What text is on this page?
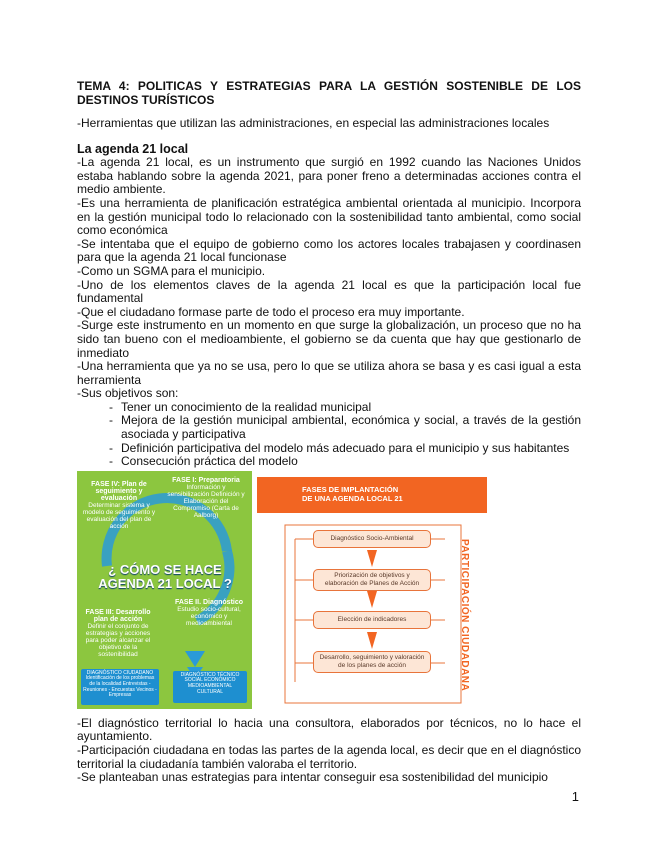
TEMA 4: POLITICAS Y ESTRATEGIAS PARA LA GESTIÓN SOSTENIBLE DE LOS DESTINOS TURÍSTICOS

-Herramientas que utilizan las administraciones, en especial las administraciones locales

La agenda 21 local

-La agenda 21 local, es un instrumento que surgió en 1992 cuando las Naciones Unidos estaba hablando sobre la agenda 2021, para poner freno a determinadas acciones contra el medio ambiente.

-Es una herramienta de planificación estratégica ambiental orientada al municipio. Incorpora en la gestión municipal todo lo relacionado con la sostenibilidad tanto ambiental, como social como económica

-Se intentaba que el equipo de gobierno como los actores locales trabajasen y coordinasen para que la agenda 21 local funcionase

-Como un SGMA para el municipio.

-Uno de los elementos claves de la agenda 21 local es que la participación local fue fundamental

-Que el ciudadano formase parte de todo el proceso era muy importante.

-Surge este instrumento en un momento en que surge la globalización, un proceso que no ha sido tan bueno con el medioambiente, el gobierno se da cuenta que hay que gestionarlo de inmediato

-Una herramienta que ya no se usa, pero lo que se utiliza ahora se basa y es casi igual a esta herramienta

-Sus objetivos son:

- Tener un conocimiento de la realidad municipal
- Mejora de la gestión municipal ambiental, económica y social, a través de la gestión asociada y participativa
- Definición participativa del modelo más adecuado para el municipio y sus habitantes
- Consecución práctica del modelo
FASE IV: Plan de seguimiento y evaluación
Determinar sistema y modelo de seguimiento y evaluación del plan de acción
FASE I: Preparatoria
Información y sensibilización Definición y Elaboración del Compromiso (Carta de Aalborg)
¿ CÓMO SE HACE AGENDA 21 LOCAL ?
FASE II. Diagnóstico
Estudio socio-cultural, económico y medioambiental
FASE III: Desarrollo plan de acción
Definir el conjunto de estrategias y acciones para poder alcanzar el objetivo de la sostenibilidad
DIAGNÓSTICO CIUDADANO Identificación de los problemas de la localidad Entrevistas - Reuniones - Encuestas Vecinos - Empresas
DIAGNÓSTICO TÉCNICO SOCIAL ECONÓMICO MEDIOAMBIENTAL CULTURAL
FASES DE IMPLANTACIÓN
DE UNA AGENDA LOCAL 21
Diagnóstico Socio-Ambiental
Priorización de objetivos y elaboración de Planes de Acción
Elección de indicadores
Desarrollo, seguimiento y valoración de los planes de acción	PARTICIPACIÓN CIUDADANA

-El diagnóstico territorial lo hacia una consultora, elaborados por técnicos, no lo hace el ayuntamiento.

-Participación ciudadana en todas las partes de la agenda local, es decir que en el diagnóstico territorial la ciudadanía también valoraba el territorio.

-Se planteaban unas estrategias para intentar conseguir esa sostenibilidad del municipio

1
